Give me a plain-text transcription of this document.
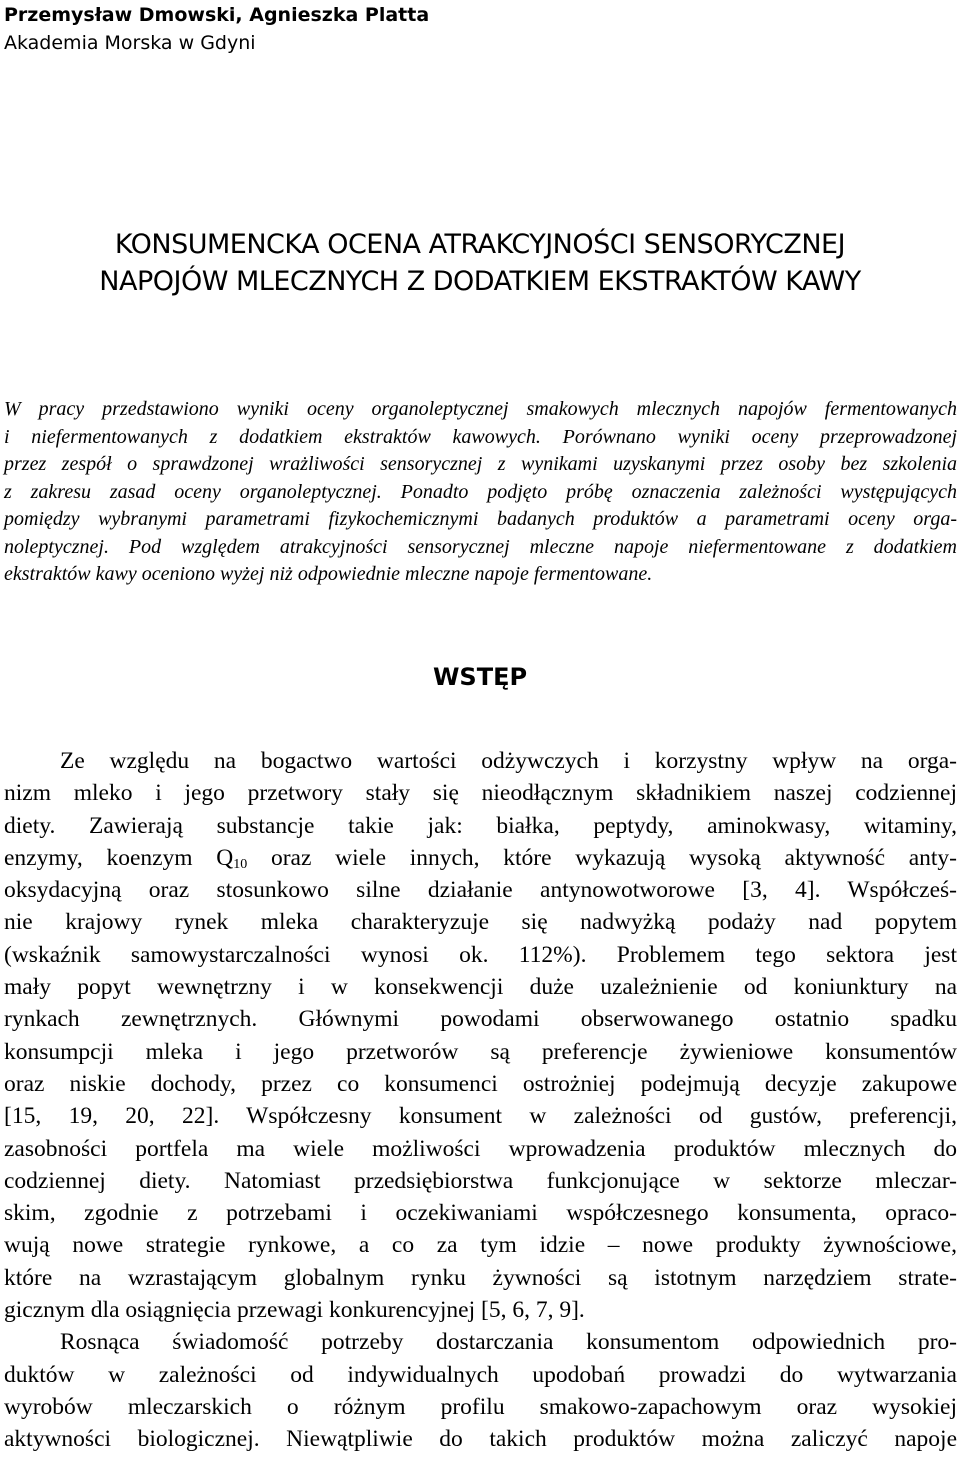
Przemysław Dmowski, Agnieszka Platta
Akademia Morska w Gdyni
KONSUMENCKA OCENA ATRAKCYJNOŚCI SENSORYCZNEJ
NAPOJÓW MLECZNYCH Z DODATKIEM EKSTRAKTÓW KAWY
W pracy przedstawiono wyniki oceny organoleptycznej smakowych mlecznych napojów fermentowanych
i niefermentowanych z dodatkiem ekstraktów kawowych. Porównano wyniki oceny przeprowadzonej
przez zespół o sprawdzonej wrażliwości sensorycznej z wynikami uzyskanymi przez osoby bez szkolenia
z zakresu zasad oceny organoleptycznej. Ponadto podjęto próbę oznaczenia zależności występujących
pomiędzy wybranymi parametrami fizykochemicznymi badanych produktów a parametrami oceny orga-
noleptycznej. Pod względem atrakcyjności sensorycznej mleczne napoje niefermentowane z dodatkiem
ekstraktów kawy oceniono wyżej niż odpowiednie mleczne napoje fermentowane.
WSTĘP
Ze względu na bogactwo wartości odżywczych i korzystny wpływ na orga-
nizm mleko i jego przetwory stały się nieodłącznym składnikiem naszej codziennej
diety. Zawierają substancje takie jak: białka, peptydy, aminokwasy, witaminy,
enzymy, koenzym $Q_{10}$ oraz wiele innych, które wykazują wysoką aktywność anty-
oksydacyjną oraz stosunkowo silne działanie antynowotworowe [3, 4]. Współcześ-
nie krajowy rynek mleka charakteryzuje się nadwyżką podaży nad popytem
(wskaźnik samowystarczalności wynosi ok. 112%). Problemem tego sektora jest
mały popyt wewnętrzny i w konsekwencji duże uzależnienie od koniunktury na
rynkach zewnętrznych. Głównymi powodami obserwowanego ostatnio spadku
konsumpcji mleka i jego przetworów są preferencje żywieniowe konsumentów
oraz niskie dochody, przez co konsumenci ostrożniej podejmują decyzje zakupowe
[15, 19, 20, 22]. Współczesny konsument w zależności od gustów, preferencji,
zasobności portfela ma wiele możliwości wprowadzenia produktów mlecznych do
codziennej diety. Natomiast przedsiębiorstwa funkcjonujące w sektorze mleczar-
skim, zgodnie z potrzebami i oczekiwaniami współczesnego konsumenta, opraco-
wują nowe strategie rynkowe, a co za tym idzie – nowe produkty żywnościowe,
które na wzrastającym globalnym rynku żywności są istotnym narzędziem strate-
gicznym dla osiągnięcia przewagi konkurencyjnej [5, 6, 7, 9].
Rosnąca świadomość potrzeby dostarczania konsumentom odpowiednich pro-
duktów w zależności od indywidualnych upodobań prowadzi do wytwarzania
wyrobów mleczarskich o różnym profilu smakowo-zapachowym oraz wysokiej
aktywności biologicznej. Niewątpliwie do takich produktów można zaliczyć napoje
